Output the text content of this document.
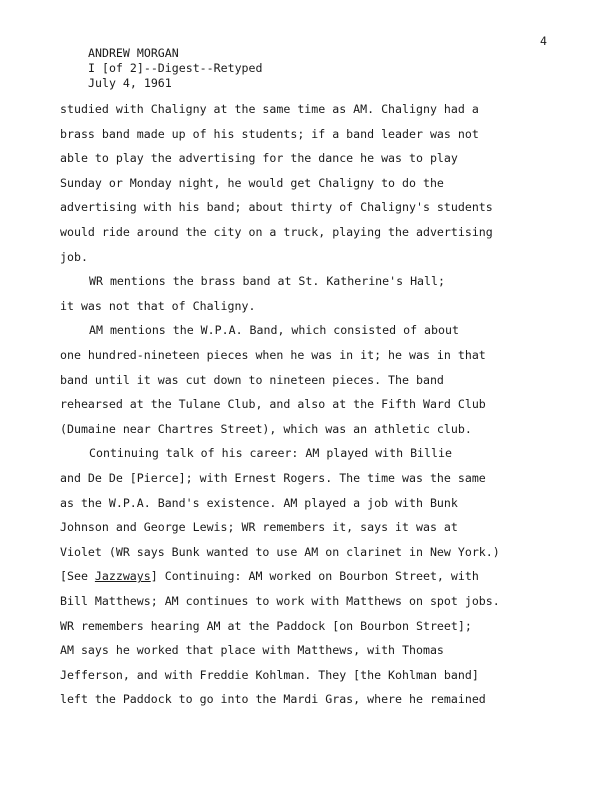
4
ANDREW MORGAN
I [of 2]--Digest--Retyped
July 4, 1961
studied with Chaligny at the same time as AM. Chaligny had a
brass band made up of his students; if a band leader was not
able to play the advertising for the dance he was to play
Sunday or Monday night, he would get Chaligny to do the
advertising with his band; about thirty of Chaligny's students
would ride around the city on a truck, playing the advertising
job.
WR mentions the brass band at St. Katherine's Hall;
it was not that of Chaligny.
AM mentions the W.P.A. Band, which consisted of about
one hundred-nineteen pieces when he was in it; he was in that
band until it was cut down to nineteen pieces. The band
rehearsed at the Tulane Club, and also at the Fifth Ward Club
(Dumaine near Chartres Street), which was an athletic club.
Continuing talk of his career: AM played with Billie
and De De [Pierce]; with Ernest Rogers. The time was the same
as the W.P.A. Band's existence. AM played a job with Bunk
Johnson and George Lewis; WR remembers it, says it was at
Violet (WR says Bunk wanted to use AM on clarinet in New York.)
[See Jazzways] Continuing: AM worked on Bourbon Street, with
Bill Matthews; AM continues to work with Matthews on spot jobs.
WR remembers hearing AM at the Paddock [on Bourbon Street];
AM says he worked that place with Matthews, with Thomas
Jefferson, and with Freddie Kohlman. They [the Kohlman band]
left the Paddock to go into the Mardi Gras, where he remained
